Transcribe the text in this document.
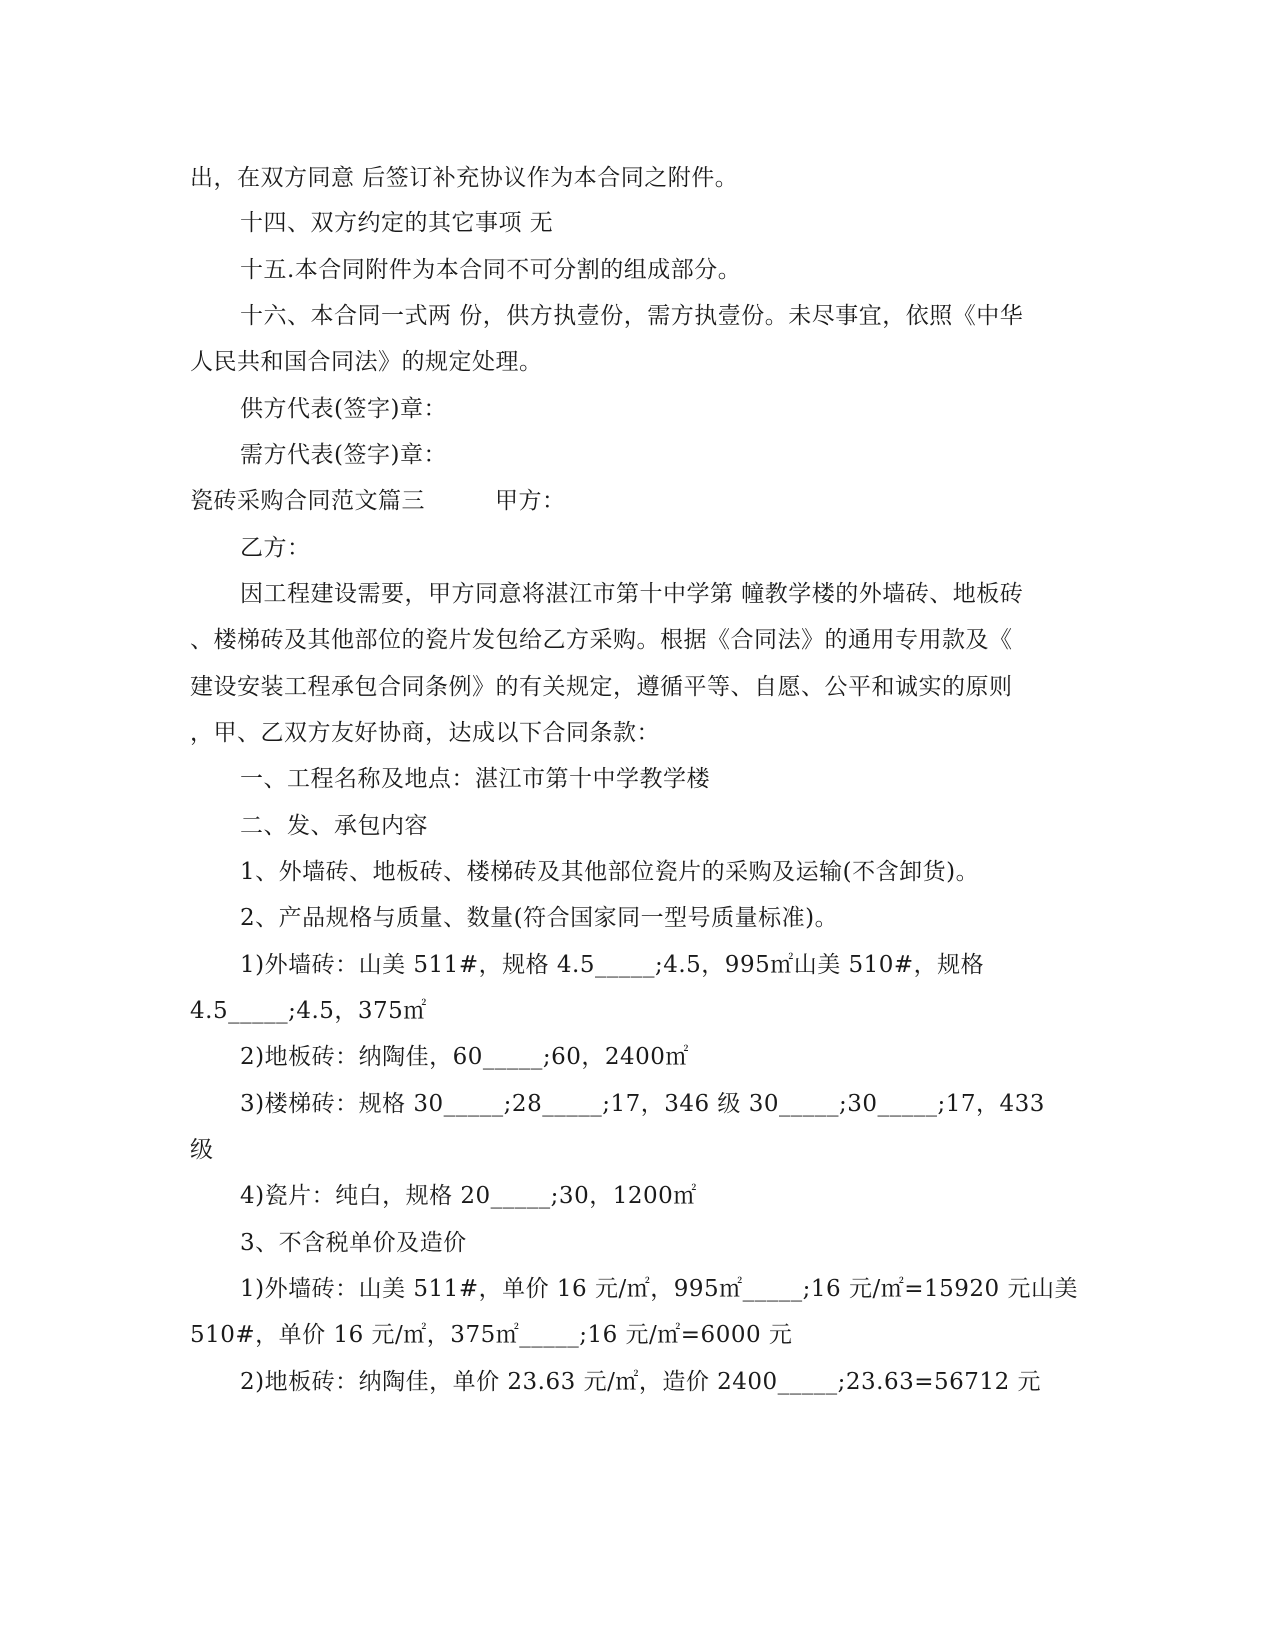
出，在双方同意 后签订补充协议作为本合同之附件。
十四、双方约定的其它事项 无
十五.本合同附件为本合同不可分割的组成部分。
十六、本合同一式两 份，供方执壹份，需方执壹份。未尽事宜，依照《中华
人民共和国合同法》的规定处理。
供方代表(签字)章：
需方代表(签字)章：
瓷砖采购合同范文篇三	甲方：
乙方：
因工程建设需要，甲方同意将湛江市第十中学第 幢教学楼的外墙砖、地板砖
、楼梯砖及其他部位的瓷片发包给乙方采购。根据《合同法》的通用专用款及《
建设安装工程承包合同条例》的有关规定，遵循平等、自愿、公平和诚实的原则
，甲、乙双方友好协商，达成以下合同条款：
一、工程名称及地点：湛江市第十中学教学楼
二、发、承包内容
1、外墙砖、地板砖、楼梯砖及其他部位瓷片的采购及运输(不含卸货)。
2、产品规格与质量、数量(符合国家同一型号质量标准)。
1)外墙砖：山美 511#，规格 4.5_____;4.5，995㎡山美 510#，规格
4.5_____;4.5，375㎡
2)地板砖：纳陶佳，60_____;60，2400㎡
3)楼梯砖：规格 30_____;28_____;17，346 级 30_____;30_____;17，433
级
4)瓷片：纯白，规格 20_____;30，1200㎡
3、不含税单价及造价
1)外墙砖：山美 511#，单价 16 元/㎡，995㎡_____;16 元/㎡=15920 元山美
510#，单价 16 元/㎡，375㎡_____;16 元/㎡=6000 元
2)地板砖：纳陶佳，单价 23.63 元/㎡，造价 2400_____;23.63=56712 元
